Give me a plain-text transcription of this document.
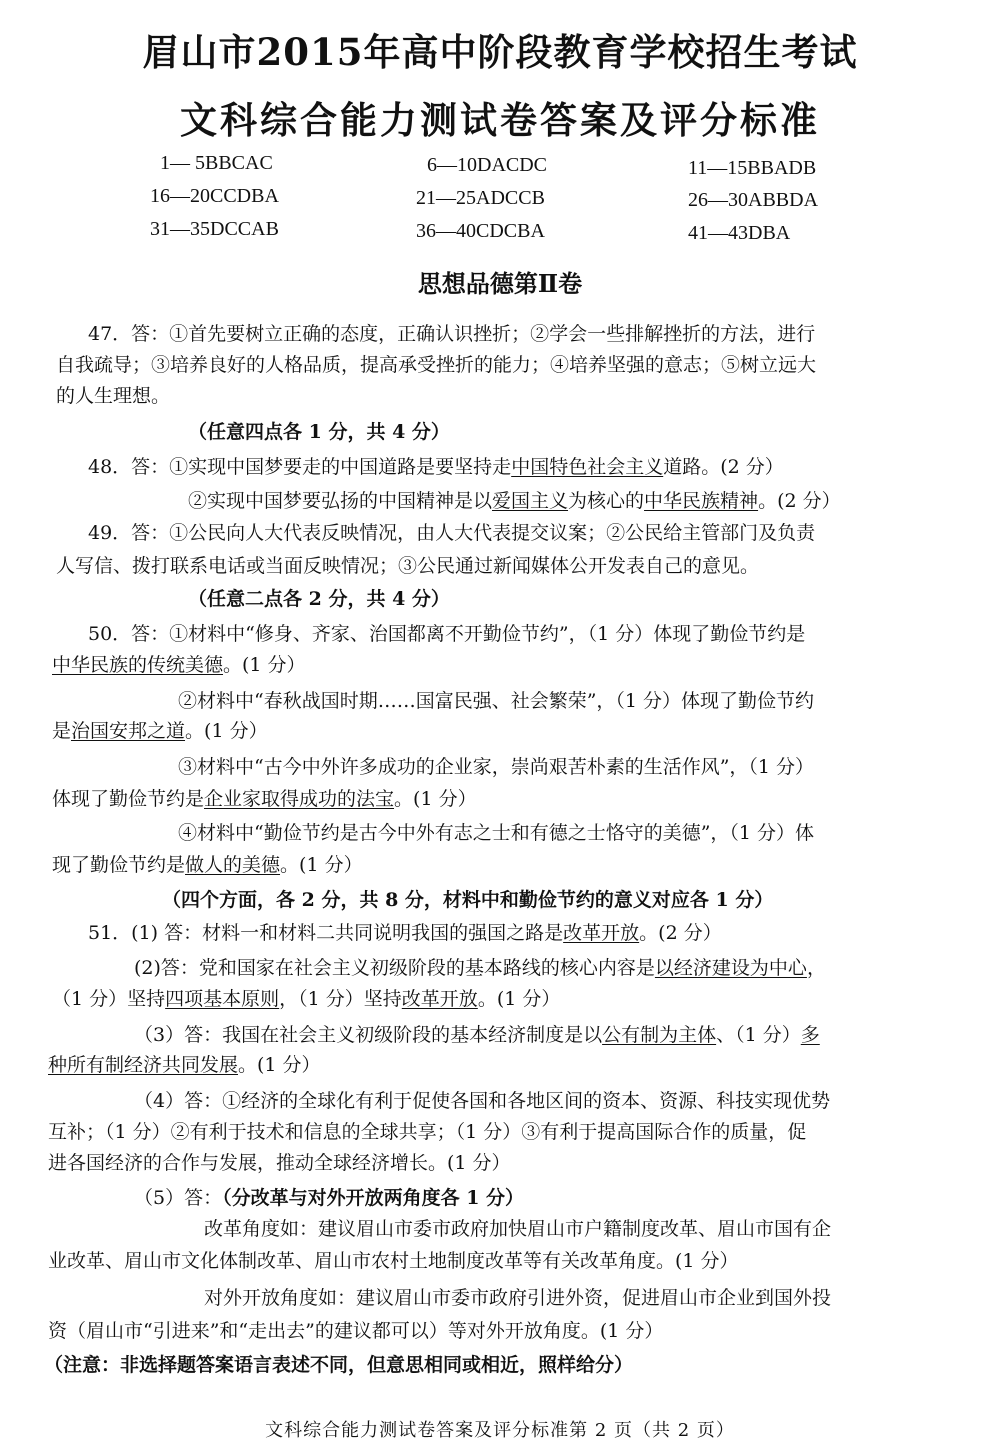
眉山市2015年高中阶段教育学校招生考试
文科综合能力测试卷答案及评分标准
1— 5BBCAC	6—10DACDC	11—15BBADB
16—20CCDBA	21—25ADCCB	26—30ABBDA
31—35DCCAB	36—40CDCBA	41—43DBA
思想品德第Ⅱ卷
47．答：①首先要树立正确的态度，正确认识挫折；②学会一些排解挫折的方法，进行
自我疏导；③培养良好的人格品质，提高承受挫折的能力；④培养坚强的意志；⑤树立远大
的人生理想。
（任意四点各 1 分，共 4 分）
48．答：①实现中国梦要走的中国道路是要坚持走中国特色社会主义道路。(2 分）
②实现中国梦要弘扬的中国精神是以爱国主义为核心的中华民族精神。(2 分）
49．答：①公民向人大代表反映情况，由人大代表提交议案；②公民给主管部门及负责
人写信、拨打联系电话或当面反映情况；③公民通过新闻媒体公开发表自己的意见。
（任意二点各 2 分，共 4 分）
50．答：①材料中“修身、齐家、治国都离不开勤俭节约”，（1 分）体现了勤俭节约是
中华民族的传统美德。(1 分）
②材料中“春秋战国时期……国富民强、社会繁荣”，（1 分）体现了勤俭节约
是治国安邦之道。(1 分）
③材料中“古今中外许多成功的企业家，崇尚艰苦朴素的生活作风”，（1 分）
体现了勤俭节约是企业家取得成功的法宝。(1 分）
④材料中“勤俭节约是古今中外有志之士和有德之士恪守的美德”，（1 分）体
现了勤俭节约是做人的美德。(1 分）
（四个方面，各 2 分，共 8 分，材料中和勤俭节约的意义对应各 1 分）
51．(1) 答：材料一和材料二共同说明我国的强国之路是改革开放。(2 分）
(2)答：党和国家在社会主义初级阶段的基本路线的核心内容是以经济建设为中心，
（1 分）坚持四项基本原则，（1 分）坚持改革开放。(1 分）
（3）答：我国在社会主义初级阶段的基本经济制度是以公有制为主体、（1 分）多
种所有制经济共同发展。(1 分）
（4）答：①经济的全球化有利于促使各国和各地区间的资本、资源、科技实现优势
互补；（1 分）②有利于技术和信息的全球共享；（1 分）③有利于提高国际合作的质量，促
进各国经济的合作与发展，推动全球经济增长。(1 分）
（5）答：（分改革与对外开放两角度各 1 分）
改革角度如：建议眉山市委市政府加快眉山市户籍制度改革、眉山市国有企
业改革、眉山市文化体制改革、眉山市农村土地制度改革等有关改革角度。(1 分）
对外开放角度如：建议眉山市委市政府引进外资，促进眉山市企业到国外投
资（眉山市“引进来”和“走出去”的建议都可以）等对外开放角度。(1 分）
（注意：非选择题答案语言表述不同，但意思相同或相近，照样给分）
文科综合能力测试卷答案及评分标准第 2 页（共 2 页）
